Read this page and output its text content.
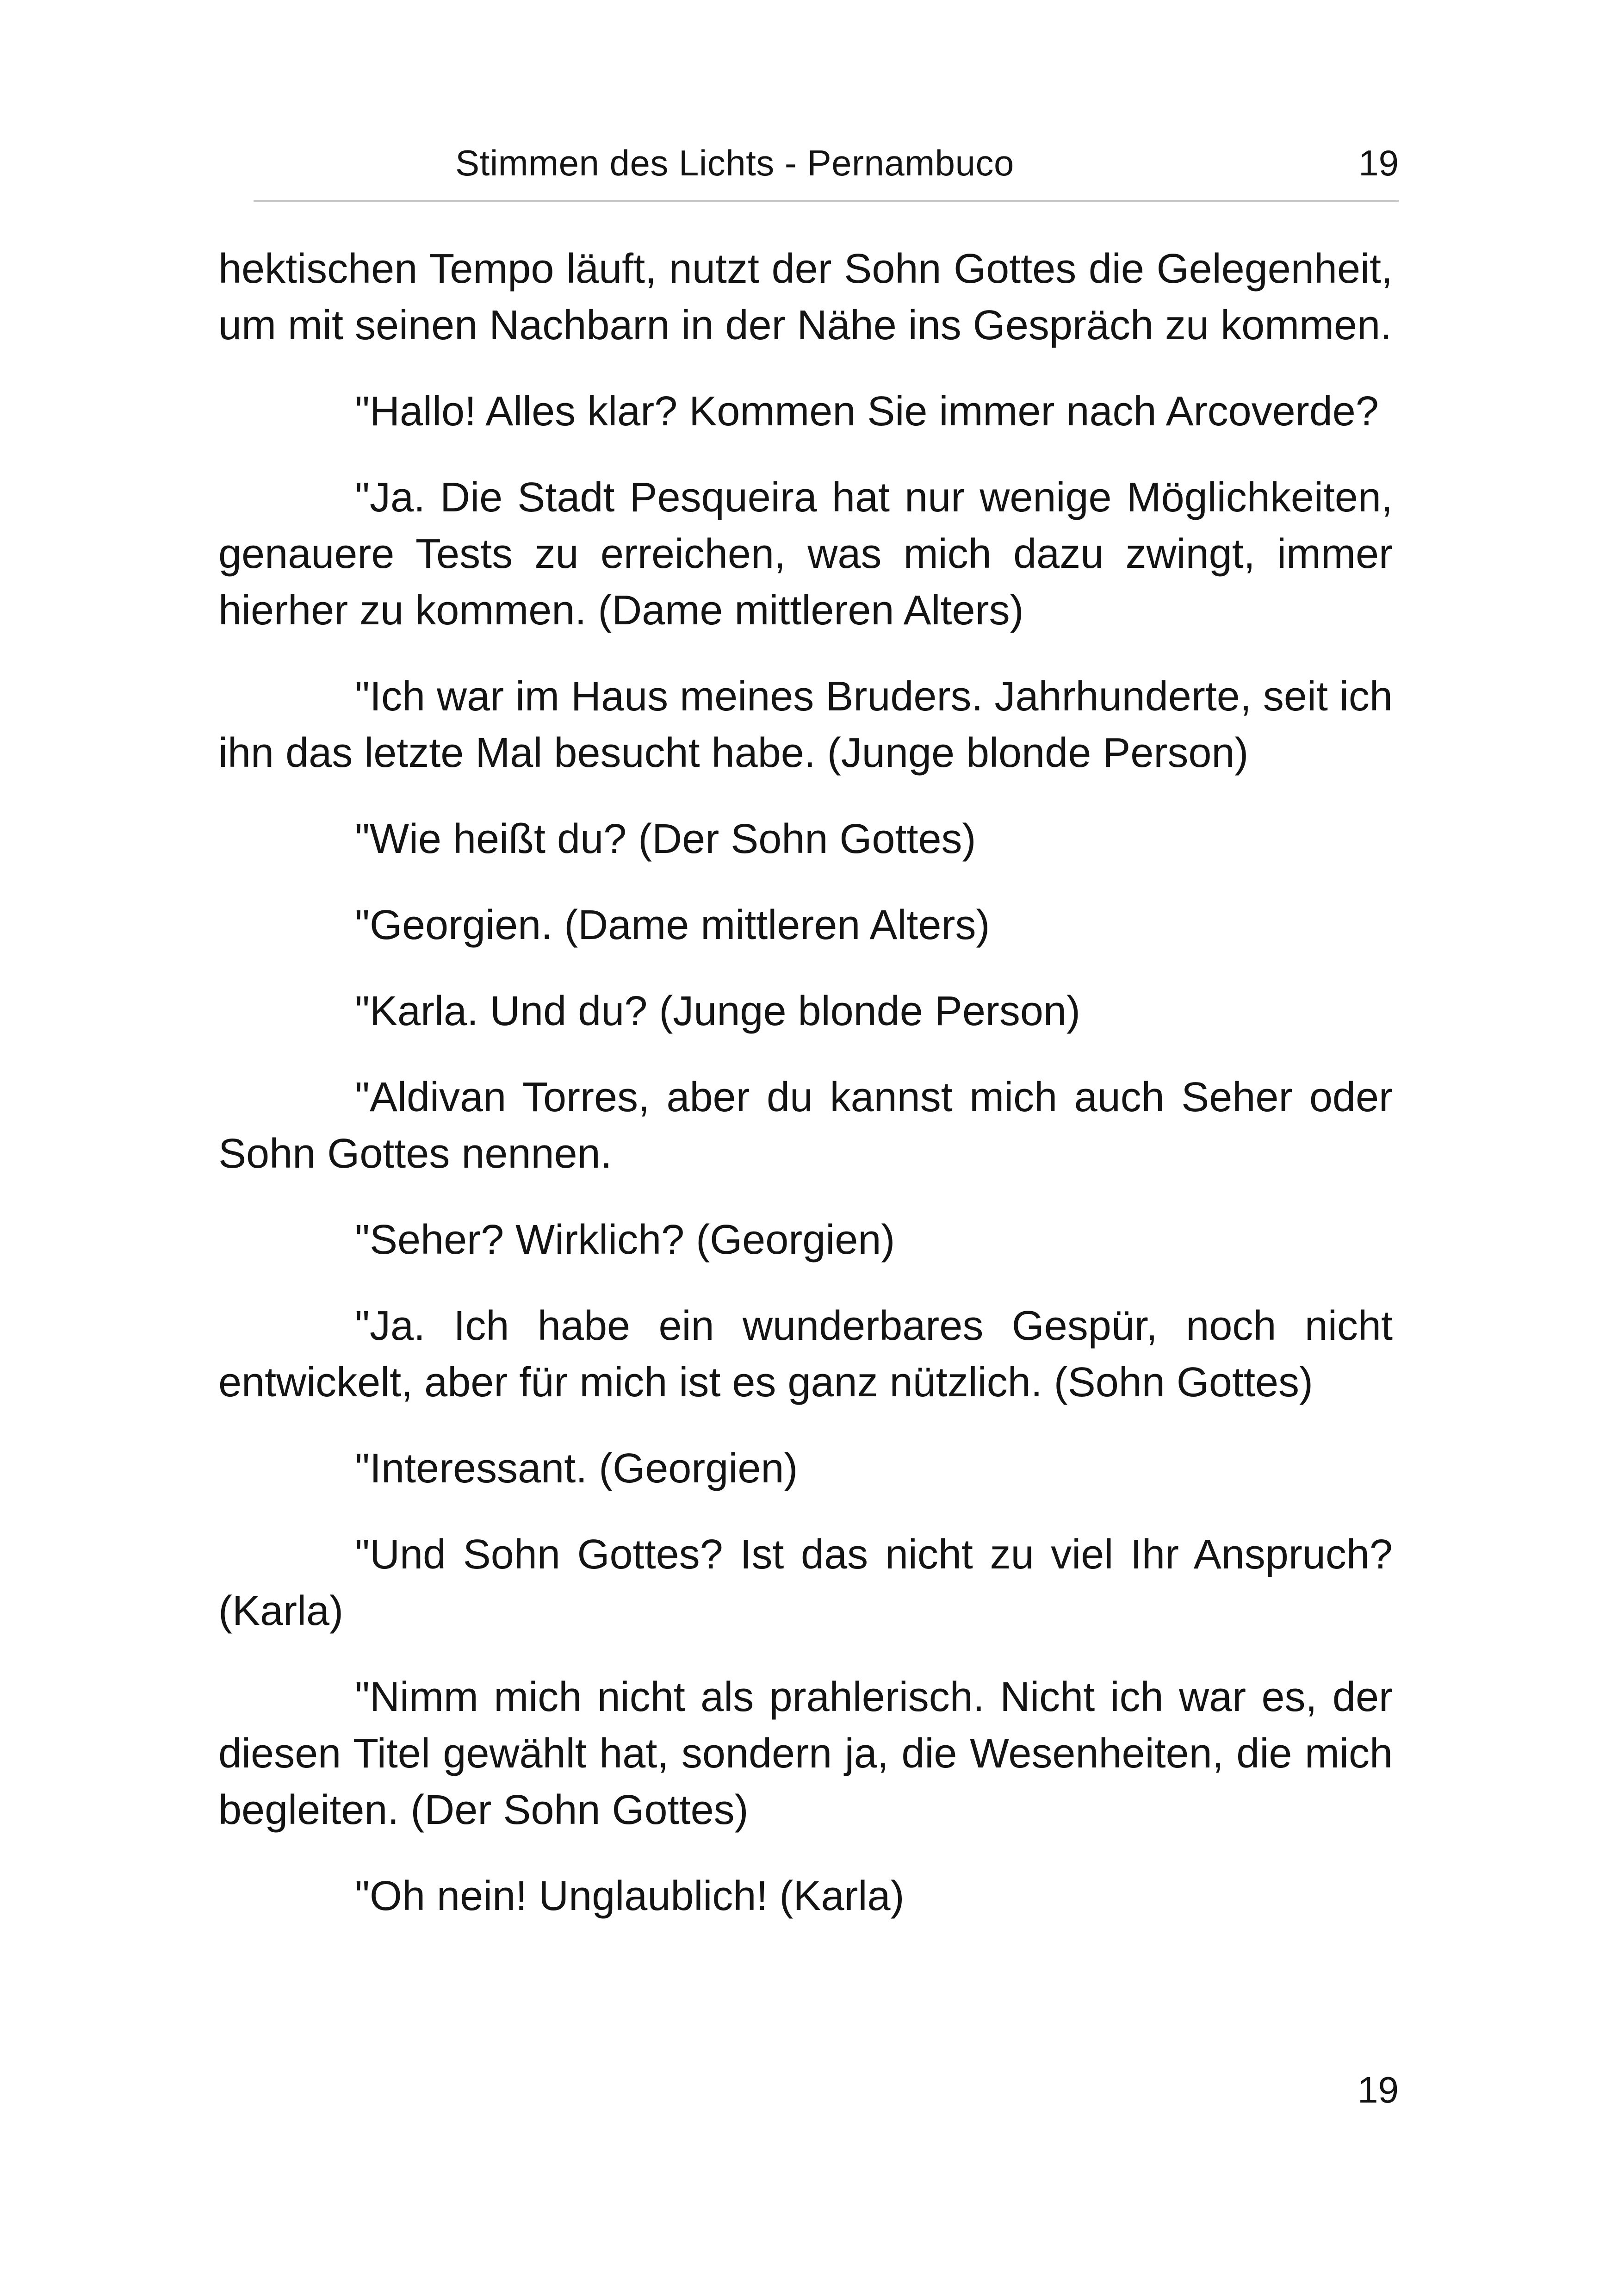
Stimmen des Lichts - Pernambuco	19

hektischen Tempo läuft, nutzt der Sohn Gottes die Gelegenheit, um mit seinen Nachbarn in der Nähe ins Gespräch zu kommen.

"Hallo! Alles klar? Kommen Sie immer nach Arcoverde?

"Ja. Die Stadt Pesqueira hat nur wenige Möglichkeiten, genauere Tests zu erreichen, was mich dazu zwingt, immer hierher zu kommen. (Dame mittleren Alters)

"Ich war im Haus meines Bruders. Jahrhunderte, seit ich ihn das letzte Mal besucht habe. (Junge blonde Person)

"Wie heißt du? (Der Sohn Gottes)

"Georgien. (Dame mittleren Alters)

"Karla. Und du? (Junge blonde Person)

"Aldivan Torres, aber du kannst mich auch Seher oder Sohn Gottes nennen.

"Seher? Wirklich? (Georgien)

"Ja. Ich habe ein wunderbares Gespür, noch nicht entwickelt, aber für mich ist es ganz nützlich. (Sohn Gottes)

"Interessant. (Georgien)

"Und Sohn Gottes? Ist das nicht zu viel Ihr Anspruch? (Karla)

"Nimm mich nicht als prahlerisch. Nicht ich war es, der diesen Titel gewählt hat, sondern ja, die Wesenheiten, die mich begleiten. (Der Sohn Gottes)

"Oh nein! Unglaublich! (Karla)

19
